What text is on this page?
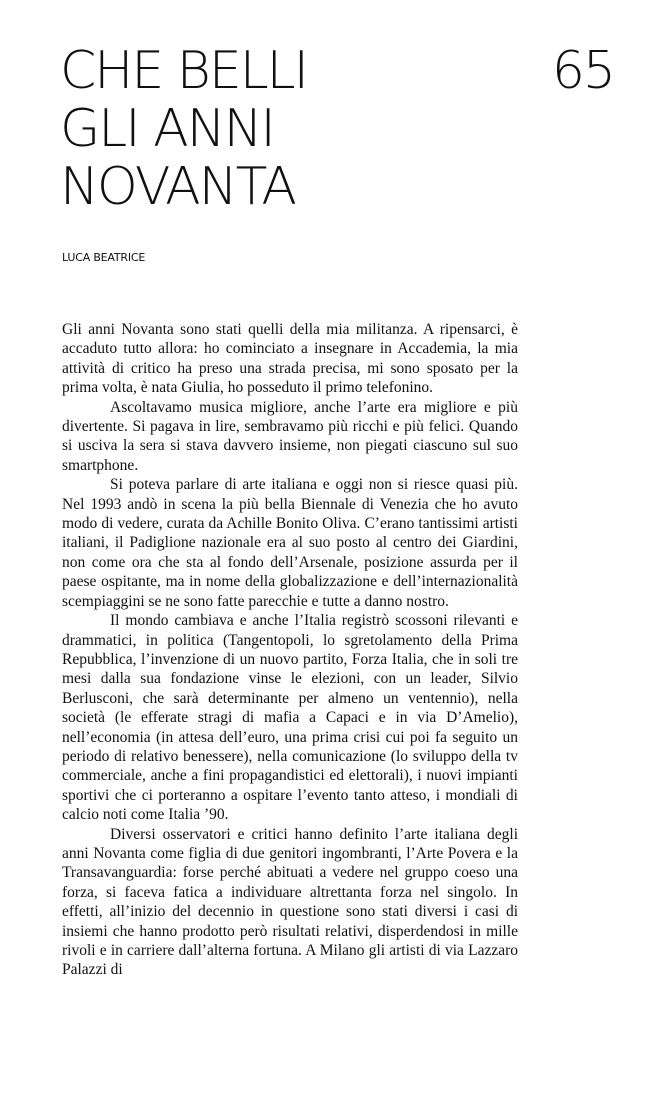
CHE BELLI
GLI ANNI
NOVANTA
65
LUCA BEATRICE

Gli anni Novanta sono stati quelli della mia militanza. A ripensarci, è accaduto tutto allora: ho cominciato a insegnare in Accademia, la mia attività di critico ha preso una strada precisa, mi sono sposato per la prima volta, è nata Giulia, ho posseduto il primo telefonino.

Ascoltavamo musica migliore, anche l’arte era migliore e più divertente. Si pagava in lire, sembravamo più ricchi e più felici. Quando si usciva la sera si stava davvero insieme, non piegati ciascuno sul suo smartphone.

Si poteva parlare di arte italiana e oggi non si riesce quasi più. Nel 1993 andò in scena la più bella Biennale di Venezia che ho avuto modo di vedere, curata da Achille Bonito Oliva. C’erano tantissimi artisti italiani, il Padiglione nazionale era al suo posto al centro dei Giardini, non come ora che sta al fondo dell’Arsenale, posizione assurda per il paese ospitante, ma in nome della globalizzazione e dell’internazionalità scempiaggini se ne sono fatte parecchie e tutte a danno nostro.

Il mondo cambiava e anche l’Italia registrò scossoni rilevanti e drammatici, in politica (Tangentopoli, lo sgretolamento della Prima Repubblica, l’invenzione di un nuovo partito, Forza Italia, che in soli tre mesi dalla sua fondazione vinse le elezioni, con un leader, Silvio Berlusconi, che sarà determinante per almeno un ventennio), nella società (le efferate stragi di mafia a Capaci e in via D’Amelio), nell’economia (in attesa dell’euro, una prima crisi cui poi fa seguito un periodo di relativo benessere), nella comunicazione (lo sviluppo della tv commerciale, anche a fini propagandistici ed elettorali), i nuovi impianti sportivi che ci porteranno a ospitare l’evento tanto atteso, i mondiali di calcio noti come Italia ’90.

Diversi osservatori e critici hanno definito l’arte italiana degli anni Novanta come figlia di due genitori ingombranti, l’Arte Povera e la Transavanguardia: forse perché abituati a vedere nel gruppo coeso una forza, si faceva fatica a individuare altrettanta forza nel singolo. In effetti, all’inizio del decennio in questione sono stati diversi i casi di insiemi che hanno prodotto però risultati relativi, disperdendosi in mille rivoli e in carriere dall’alterna fortuna. A Milano gli artisti di via Lazzaro Palazzi di
